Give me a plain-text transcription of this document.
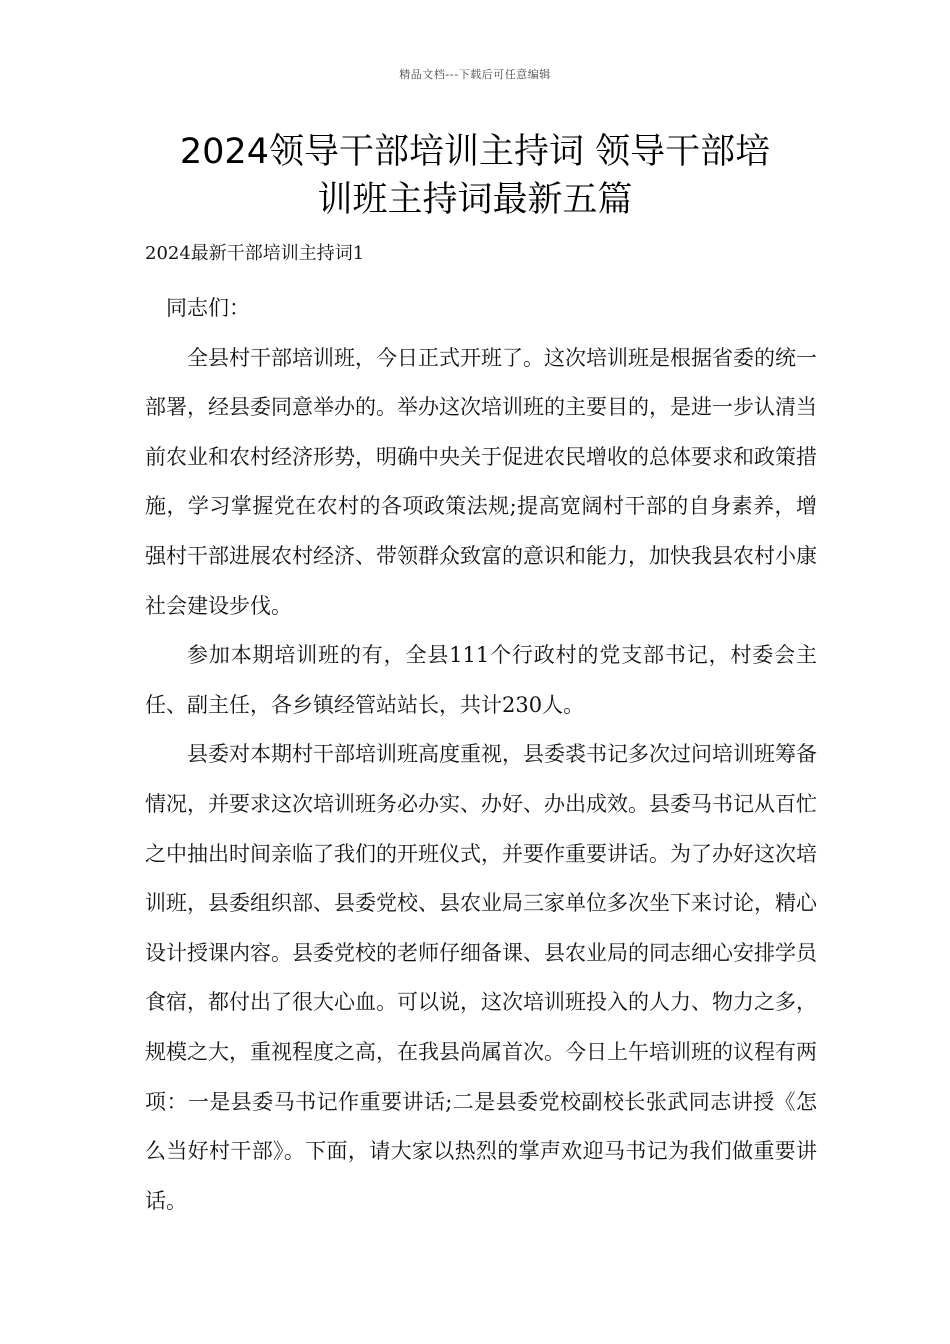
精品文档---下载后可任意编辑
2024领导干部培训主持词 领导干部培
训班主持词最新五篇
2024最新干部培训主持词1

同志们：

全县村干部培训班，今日正式开班了。这次培训班是根据省委的统一部署，经县委同意举办的。举办这次培训班的主要目的，是进一步认清当前农业和农村经济形势，明确中央关于促进农民增收的总体要求和政策措施，学习掌握党在农村的各项政策法规;提高宽阔村干部的自身素养，增强村干部进展农村经济、带领群众致富的意识和能力，加快我县农村小康社会建设步伐。

参加本期培训班的有，全县111个行政村的党支部书记，村委会主任、副主任，各乡镇经管站站长，共计230人。

县委对本期村干部培训班高度重视，县委裘书记多次过问培训班筹备情况，并要求这次培训班务必办实、办好、办出成效。县委马书记从百忙之中抽出时间亲临了我们的开班仪式，并要作重要讲话。为了办好这次培训班，县委组织部、县委党校、县农业局三家单位多次坐下来讨论，精心设计授课内容。县委党校的老师仔细备课、县农业局的同志细心安排学员食宿，都付出了很大心血。可以说，这次培训班投入的人力、物力之多，规模之大，重视程度之高，在我县尚属首次。今日上午培训班的议程有两项：一是县委马书记作重要讲话;二是县委党校副校长张武同志讲授《怎么当好村干部》。下面，请大家以热烈的掌声欢迎马书记为我们做重要讲话。
